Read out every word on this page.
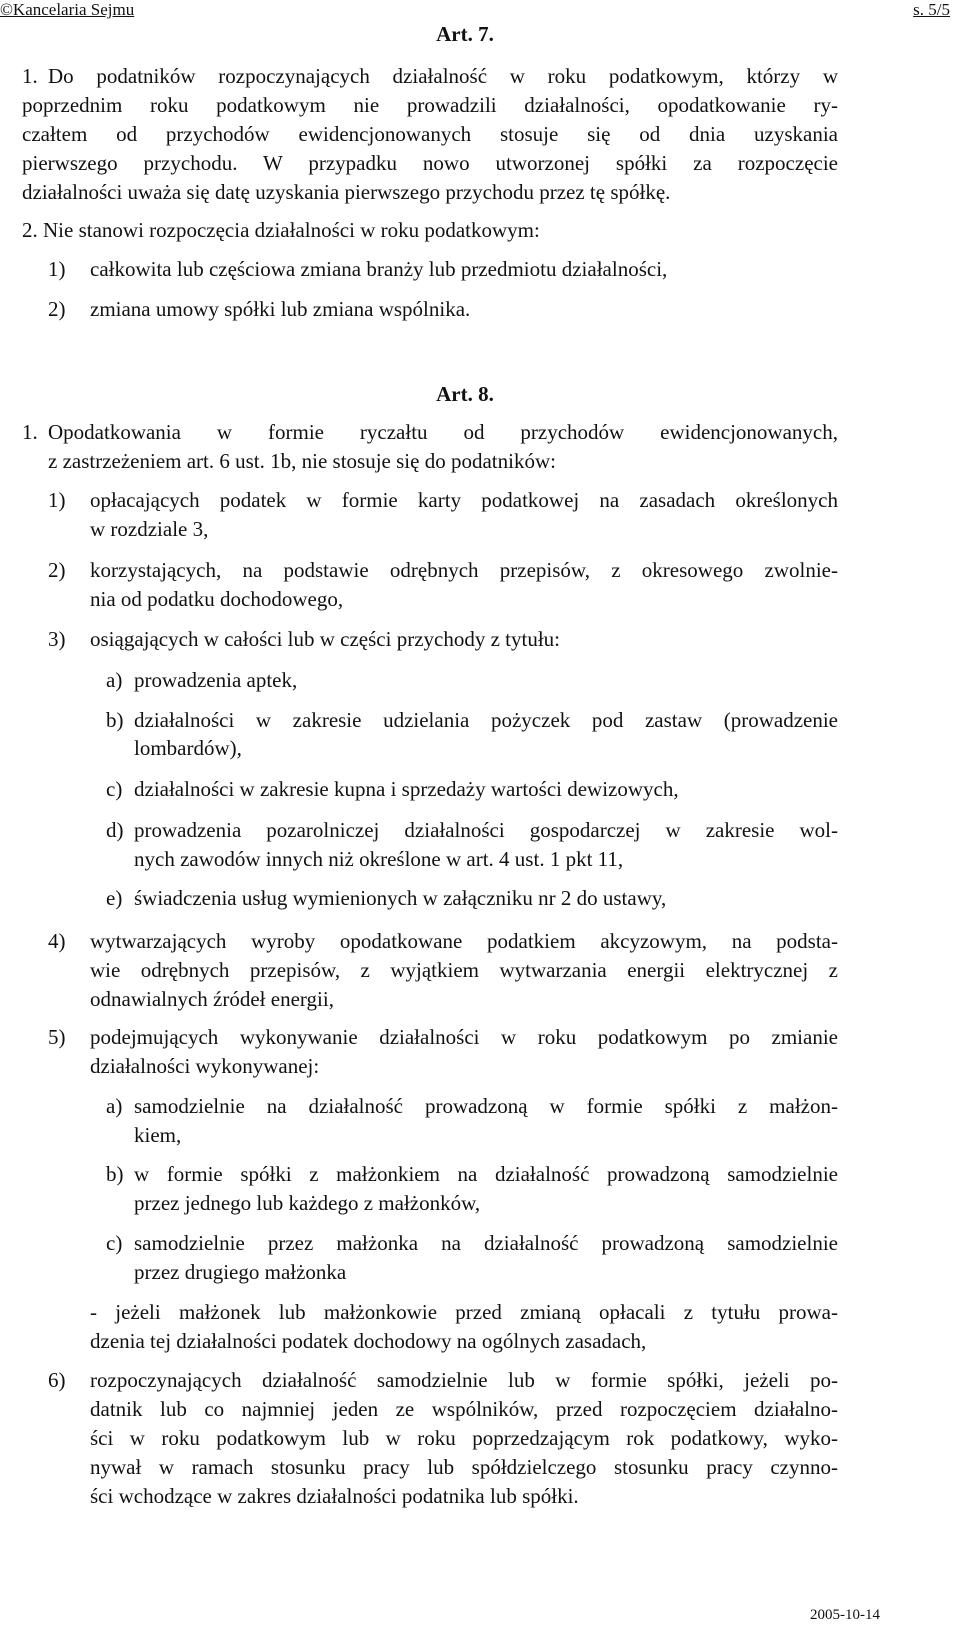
©Kancelaria Sejmu	s. 5/5
Art. 7.
1. Do podatników rozpoczynających działalność w roku podatkowym, którzy w
poprzednim roku podatkowym nie prowadzili działalności, opodatkowanie ry-
czałtem od przychodów ewidencjonowanych stosuje się od dnia uzyskania
pierwszego przychodu. W przypadku nowo utworzonej spółki za rozpoczęcie
działalności uważa się datę uzyskania pierwszego przychodu przez tę spółkę.
2. Nie stanowi rozpoczęcia działalności w roku podatkowym:
1) całkowita lub częściowa zmiana branży lub przedmiotu działalności,
2) zmiana umowy spółki lub zmiana wspólnika.
Art. 8.
1. Opodatkowania w formie ryczałtu od przychodów ewidencjonowanych,
z zastrzeżeniem art. 6 ust. 1b, nie stosuje się do podatników:
1) opłacających podatek w formie karty podatkowej na zasadach określonych
w rozdziale 3,
2) korzystających, na podstawie odrębnych przepisów, z okresowego zwolnie-
nia od podatku dochodowego,
3) osiągających w całości lub w części przychody z tytułu:
a) prowadzenia aptek,
b) działalności w zakresie udzielania pożyczek pod zastaw (prowadzenie
lombardów),
c) działalności w zakresie kupna i sprzedaży wartości dewizowych,
d) prowadzenia pozarolniczej działalności gospodarczej w zakresie wol-
nych zawodów innych niż określone w art. 4 ust. 1 pkt 11,
e) świadczenia usług wymienionych w załączniku nr 2 do ustawy,
4) wytwarzających wyroby opodatkowane podatkiem akcyzowym, na podsta-
wie odrębnych przepisów, z wyjątkiem wytwarzania energii elektrycznej z
odnawialnych źródeł energii,
5) podejmujących wykonywanie działalności w roku podatkowym po zmianie
działalności wykonywanej:
a) samodzielnie na działalność prowadzoną w formie spółki z małżon-
kiem,
b) w formie spółki z małżonkiem na działalność prowadzoną samodzielnie
przez jednego lub każdego z małżonków,
c) samodzielnie przez małżonka na działalność prowadzoną samodzielnie
przez drugiego małżonka
- jeżeli małżonek lub małżonkowie przed zmianą opłacali z tytułu prowa-
dzenia tej działalności podatek dochodowy na ogólnych zasadach,
6) rozpoczynających działalność samodzielnie lub w formie spółki, jeżeli po-
datnik lub co najmniej jeden ze wspólników, przed rozpoczęciem działalno-
ści w roku podatkowym lub w roku poprzedzającym rok podatkowy, wyko-
nywał w ramach stosunku pracy lub spółdzielczego stosunku pracy czynno-
ści wchodzące w zakres działalności podatnika lub spółki.
2005-10-14
